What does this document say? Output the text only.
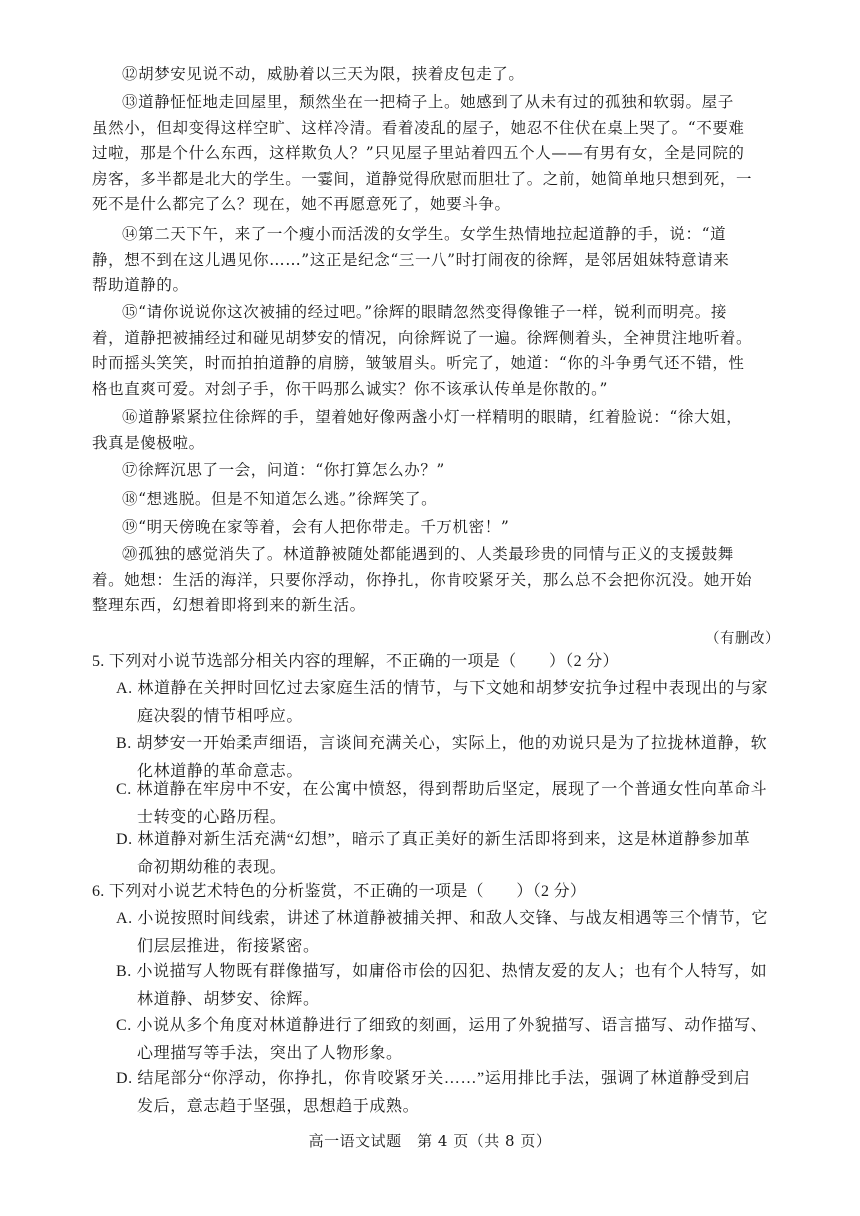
⑫胡梦安见说不动，威胁着以三天为限，挟着皮包走了。
⑬道静怔怔地走回屋里，颓然坐在一把椅子上。她感到了从未有过的孤独和软弱。屋子
虽然小，但却变得这样空旷、这样冷清。看着凌乱的屋子，她忍不住伏在桌上哭了。“不要难
过啦，那是个什么东西，这样欺负人？”只见屋子里站着四五个人——有男有女，全是同院的
房客，多半都是北大的学生。一霎间，道静觉得欣慰而胆壮了。之前，她简单地只想到死，一
死不是什么都完了么？现在，她不再愿意死了，她要斗争。
⑭第二天下午，来了一个瘦小而活泼的女学生。女学生热情地拉起道静的手，说：“道
静，想不到在这儿遇见你……”这正是纪念“三一八”时打闹夜的徐辉，是邻居姐妹特意请来
帮助道静的。
⑮“请你说说你这次被捕的经过吧。”徐辉的眼睛忽然变得像锥子一样，锐利而明亮。接
着，道静把被捕经过和碰见胡梦安的情况，向徐辉说了一遍。徐辉侧着头，全神贯注地听着。
时而摇头笑笑，时而拍拍道静的肩膀，皱皱眉头。听完了，她道：“你的斗争勇气还不错，性
格也直爽可爱。对刽子手，你干吗那么诚实？你不该承认传单是你散的。”
⑯道静紧紧拉住徐辉的手，望着她好像两盏小灯一样精明的眼睛，红着脸说：“徐大姐，
我真是傻极啦。
⑰徐辉沉思了一会，问道：“你打算怎么办？”
⑱“想逃脱。但是不知道怎么逃。”徐辉笑了。
⑲“明天傍晚在家等着，会有人把你带走。千万机密！”
⑳孤独的感觉消失了。林道静被随处都能遇到的、人类最珍贵的同情与正义的支援鼓舞
着。她想：生活的海洋，只要你浮动，你挣扎，你肯咬紧牙关，那么总不会把你沉没。她开始
整理东西，幻想着即将到来的新生活。
（有删改）
5. 下列对小说节选部分相关内容的理解，不正确的一项是（　　）（2 分）
A. 林道静在关押时回忆过去家庭生活的情节，与下文她和胡梦安抗争过程中表现出的与家
庭决裂的情节相呼应。
B. 胡梦安一开始柔声细语，言谈间充满关心，实际上，他的劝说只是为了拉拢林道静，软
化林道静的革命意志。
C. 林道静在牢房中不安，在公寓中愤怒，得到帮助后坚定，展现了一个普通女性向革命斗
士转变的心路历程。
D. 林道静对新生活充满“幻想”，暗示了真正美好的新生活即将到来，这是林道静参加革
命初期幼稚的表现。
6. 下列对小说艺术特色的分析鉴赏，不正确的一项是（　　）（2 分）
A. 小说按照时间线索，讲述了林道静被捕关押、和敌人交锋、与战友相遇等三个情节，它
们层层推进，衔接紧密。
B. 小说描写人物既有群像描写，如庸俗市侩的囚犯、热情友爱的友人；也有个人特写，如
林道静、胡梦安、徐辉。
C. 小说从多个角度对林道静进行了细致的刻画，运用了外貌描写、语言描写、动作描写、
心理描写等手法，突出了人物形象。
D. 结尾部分“你浮动，你挣扎，你肯咬紧牙关……”运用排比手法，强调了林道静受到启
发后，意志趋于坚强，思想趋于成熟。
高一语文试题　第 4 页（共 8 页）
